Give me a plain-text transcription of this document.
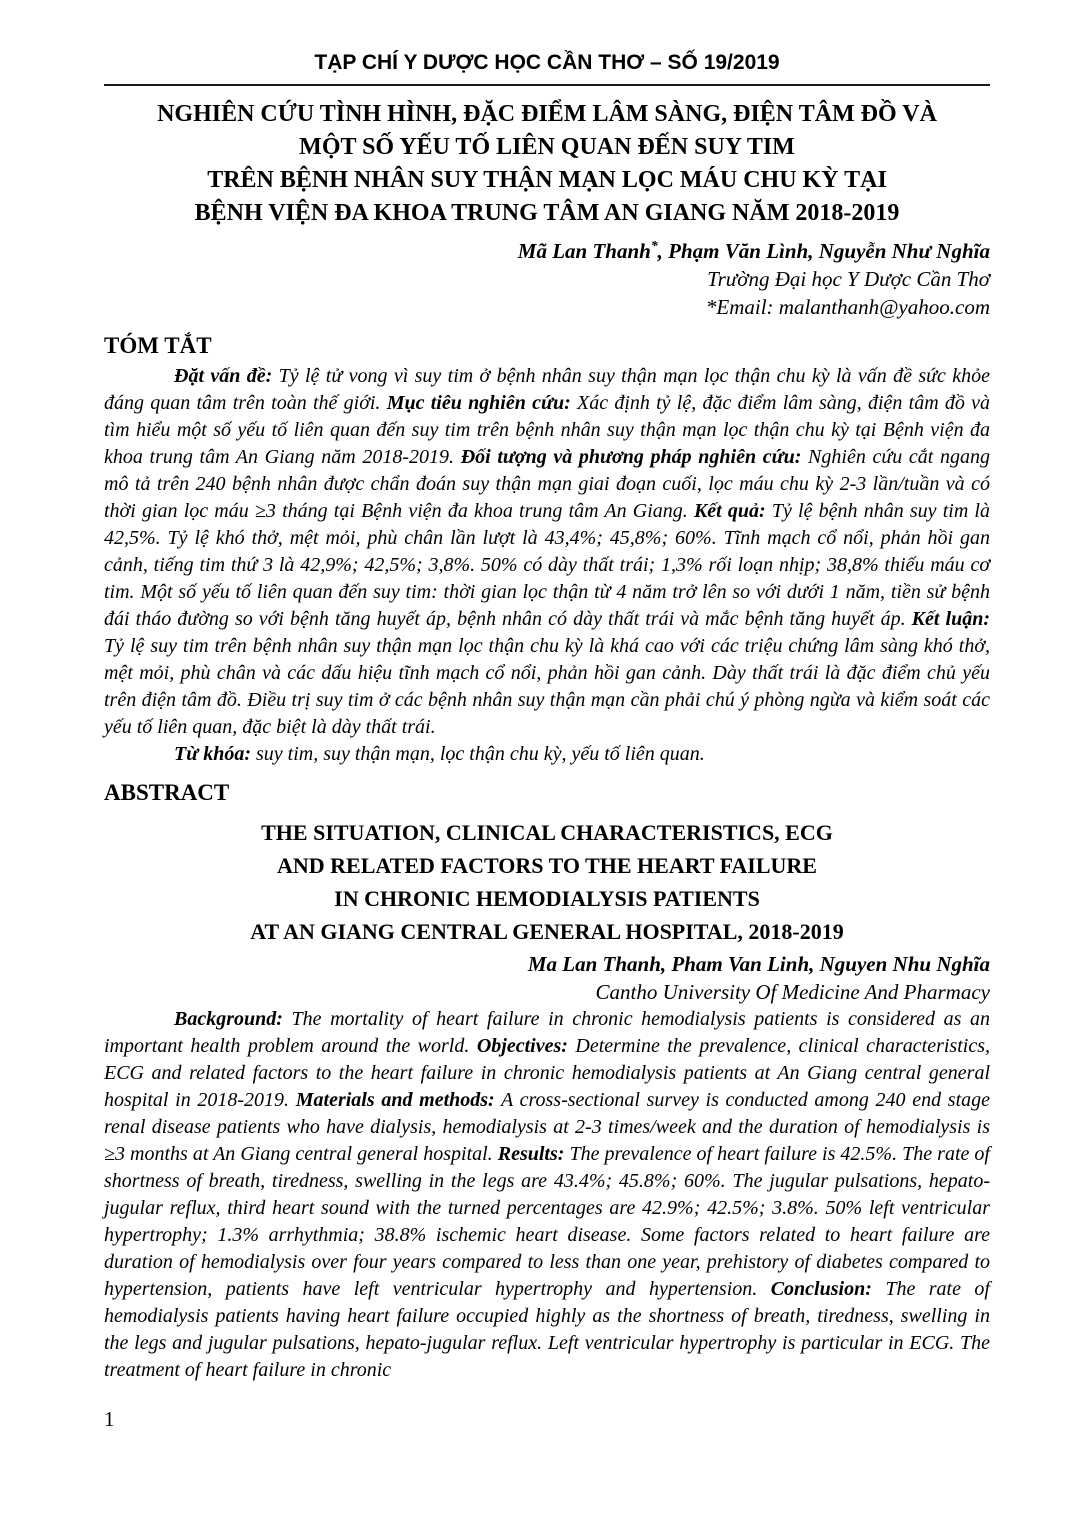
TẠP CHÍ Y DƯỢC HỌC CẦN THƠ – SỐ 19/2019
NGHIÊN CỨU TÌNH HÌNH, ĐẶC ĐIỂM LÂM SÀNG, ĐIỆN TÂM ĐỒ VÀ
MỘT SỐ YẾU TỐ LIÊN QUAN ĐẾN SUY TIM
TRÊN BỆNH NHÂN SUY THẬN MẠN LỌC MÁU CHU KỲ TẠI
BỆNH VIỆN ĐA KHOA TRUNG TÂM AN GIANG NĂM 2018-2019
Mã Lan Thanh*, Phạm Văn Lình, Nguyễn Như Nghĩa
Trường Đại học Y Dược Cần Thơ
*Email: malanthanh@yahoo.com
TÓM TẮT

Đặt vấn đề: Tỷ lệ tử vong vì suy tim ở bệnh nhân suy thận mạn lọc thận chu kỳ là vấn đề sức khỏe đáng quan tâm trên toàn thế giới. Mục tiêu nghiên cứu: Xác định tỷ lệ, đặc điểm lâm sàng, điện tâm đồ và tìm hiểu một số yếu tố liên quan đến suy tim trên bệnh nhân suy thận mạn lọc thận chu kỳ tại Bệnh viện đa khoa trung tâm An Giang năm 2018-2019. Đối tượng và phương pháp nghiên cứu: Nghiên cứu cắt ngang mô tả trên 240 bệnh nhân được chẩn đoán suy thận mạn giai đoạn cuối, lọc máu chu kỳ 2-3 lần/tuần và có thời gian lọc máu ≥3 tháng tại Bệnh viện đa khoa trung tâm An Giang. Kết quả: Tỷ lệ bệnh nhân suy tim là 42,5%. Tỷ lệ khó thở, mệt mỏi, phù chân lần lượt là 43,4%; 45,8%; 60%. Tĩnh mạch cổ nổi, phản hồi gan cảnh, tiếng tim thứ 3 là 42,9%; 42,5%; 3,8%. 50% có dày thất trái; 1,3% rối loạn nhịp; 38,8% thiếu máu cơ tim. Một số yếu tố liên quan đến suy tim: thời gian lọc thận từ 4 năm trở lên so với dưới 1 năm, tiền sử bệnh đái tháo đường so với bệnh tăng huyết áp, bệnh nhân có dày thất trái và mắc bệnh tăng huyết áp. Kết luận: Tỷ lệ suy tim trên bệnh nhân suy thận mạn lọc thận chu kỳ là khá cao với các triệu chứng lâm sàng khó thở, mệt mỏi, phù chân và các dấu hiệu tĩnh mạch cổ nổi, phản hồi gan cảnh. Dày thất trái là đặc điểm chủ yếu trên điện tâm đồ. Điều trị suy tim ở các bệnh nhân suy thận mạn cần phải chú ý phòng ngừa và kiểm soát các yếu tố liên quan, đặc biệt là dày thất trái.

Từ khóa: suy tim, suy thận mạn, lọc thận chu kỳ, yếu tố liên quan.

ABSTRACT
THE SITUATION, CLINICAL CHARACTERISTICS, ECG
AND RELATED FACTORS TO THE HEART FAILURE
IN CHRONIC HEMODIALYSIS PATIENTS
AT AN GIANG CENTRAL GENERAL HOSPITAL, 2018-2019
Ma Lan Thanh, Pham Van Linh, Nguyen Nhu Nghĩa
Cantho University Of Medicine And Pharmacy

Background: The mortality of heart failure in chronic hemodialysis patients is considered as an important health problem around the world. Objectives: Determine the prevalence, clinical characteristics, ECG and related factors to the heart failure in chronic hemodialysis patients at An Giang central general hospital in 2018-2019. Materials and methods: A cross-sectional survey is conducted among 240 end stage renal disease patients who have dialysis, hemodialysis at 2-3 times/week and the duration of hemodialysis is ≥3 months at An Giang central general hospital. Results: The prevalence of heart failure is 42.5%. The rate of shortness of breath, tiredness, swelling in the legs are 43.4%; 45.8%; 60%. The jugular pulsations, hepato-jugular reflux, third heart sound with the turned percentages are 42.9%; 42.5%; 3.8%. 50% left ventricular hypertrophy; 1.3% arrhythmia; 38.8% ischemic heart disease. Some factors related to heart failure are duration of hemodialysis over four years compared to less than one year, prehistory of diabetes compared to hypertension, patients have left ventricular hypertrophy and hypertension. Conclusion: The rate of hemodialysis patients having heart failure occupied highly as the shortness of breath, tiredness, swelling in the legs and jugular pulsations, hepato-jugular reflux. Left ventricular hypertrophy is particular in ECG. The treatment of heart failure in chronic

1
